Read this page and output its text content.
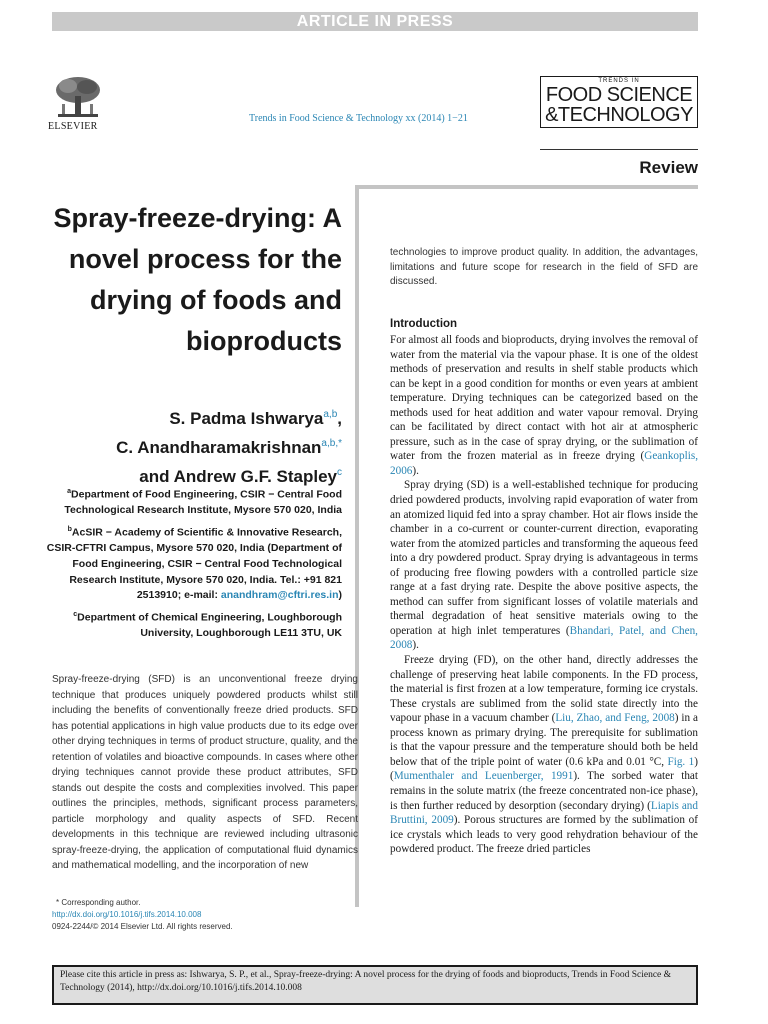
ARTICLE IN PRESS
ELSEVIER
Trends in Food Science & Technology xx (2014) 1−21
TRENDS IN
FOOD SCIENCE
&TECHNOLOGY
Review
Spray-freeze-drying: A novel process for the drying of foods and bioproducts
S. Padma Ishwarya$^{a,b}$,
C. Anandharamakrishnan$^{a,b,*}$
and Andrew G.F. Stapley$^c$

$^a$Department of Food Engineering, CSIR − Central Food Technological Research Institute, Mysore 570 020, India

$^b$AcSIR − Academy of Scientific & Innovative Research, CSIR-CFTRI Campus, Mysore 570 020, India (Department of Food Engineering, CSIR − Central Food Technological Research Institute, Mysore 570 020, India. Tel.: +91 821 2513910; e-mail: anandhram@cftri.res.in)

$^c$Department of Chemical Engineering, Loughborough University, Loughborough LE11 3TU, UK

Spray-freeze-drying (SFD) is an unconventional freeze drying technique that produces uniquely powdered products whilst still including the benefits of conventionally freeze dried products. SFD has potential applications in high value products due to its edge over other drying techniques in terms of product structure, quality, and the retention of volatiles and bioactive compounds. In cases where other drying techniques cannot provide these product attributes, SFD stands out despite the costs and complexities involved. This paper outlines the principles, methods, significant process parameters, particle morphology and quality aspects of SFD. Recent developments in this technique are reviewed including ultrasonic spray-freeze-drying, the application of computational fluid dynamics and mathematical modelling, and the incorporation of new
* Corresponding author.
http://dx.doi.org/10.1016/j.tifs.2014.10.008
0924-2244/© 2014 Elsevier Ltd. All rights reserved.
technologies to improve product quality. In addition, the advantages, limitations and future scope for research in the field of SFD are discussed.
Introduction

For almost all foods and bioproducts, drying involves the removal of water from the material via the vapour phase. It is one of the oldest methods of preservation and results in shelf stable products which can be kept in a good condition for months or even years at ambient temperature. Drying techniques can be categorized based on the methods used for heat addition and water vapour removal. Drying can be facilitated by direct contact with hot air at atmospheric pressure, such as in the case of spray drying, or the sublimation of water from the frozen material as in freeze drying (Geankoplis, 2006).

Spray drying (SD) is a well-established technique for producing dried powdered products, involving rapid evaporation of water from an atomized liquid fed into a spray chamber. Hot air flows inside the chamber in a co-current or counter-current direction, evaporating water from the atomized particles and transforming the aqueous feed into a dry powdered product. Spray drying is advantageous in terms of producing free flowing powders with a controlled particle size range at a fast drying rate. Despite the above positive aspects, the method can suffer from significant losses of volatile materials and thermal degradation of heat sensitive materials owing to the operation at high inlet temperatures (Bhandari, Patel, and Chen, 2008).

Freeze drying (FD), on the other hand, directly addresses the challenge of preserving heat labile components. In the FD process, the material is first frozen at a low temperature, forming ice crystals. These crystals are sublimed from the solid state directly into the vapour phase in a vacuum chamber (Liu, Zhao, and Feng, 2008) in a process known as primary drying. The prerequisite for sublimation is that the vapour pressure and the temperature should both be held below that of the triple point of water (0.6 kPa and 0.01 °C, Fig. 1) (Mumenthaler and Leuenberger, 1991). The sorbed water that remains in the solute matrix (the freeze concentrated non-ice phase), is then further reduced by desorption (secondary drying) (Liapis and Bruttini, 2009). Porous structures are formed by the sublimation of ice crystals which leads to very good rehydration behaviour of the powdered product. The freeze dried particles

Please cite this article in press as: Ishwarya, S. P., et al., Spray-freeze-drying: A novel process for the drying of foods and bioproducts, Trends in Food Science & Technology (2014), http://dx.doi.org/10.1016/j.tifs.2014.10.008
